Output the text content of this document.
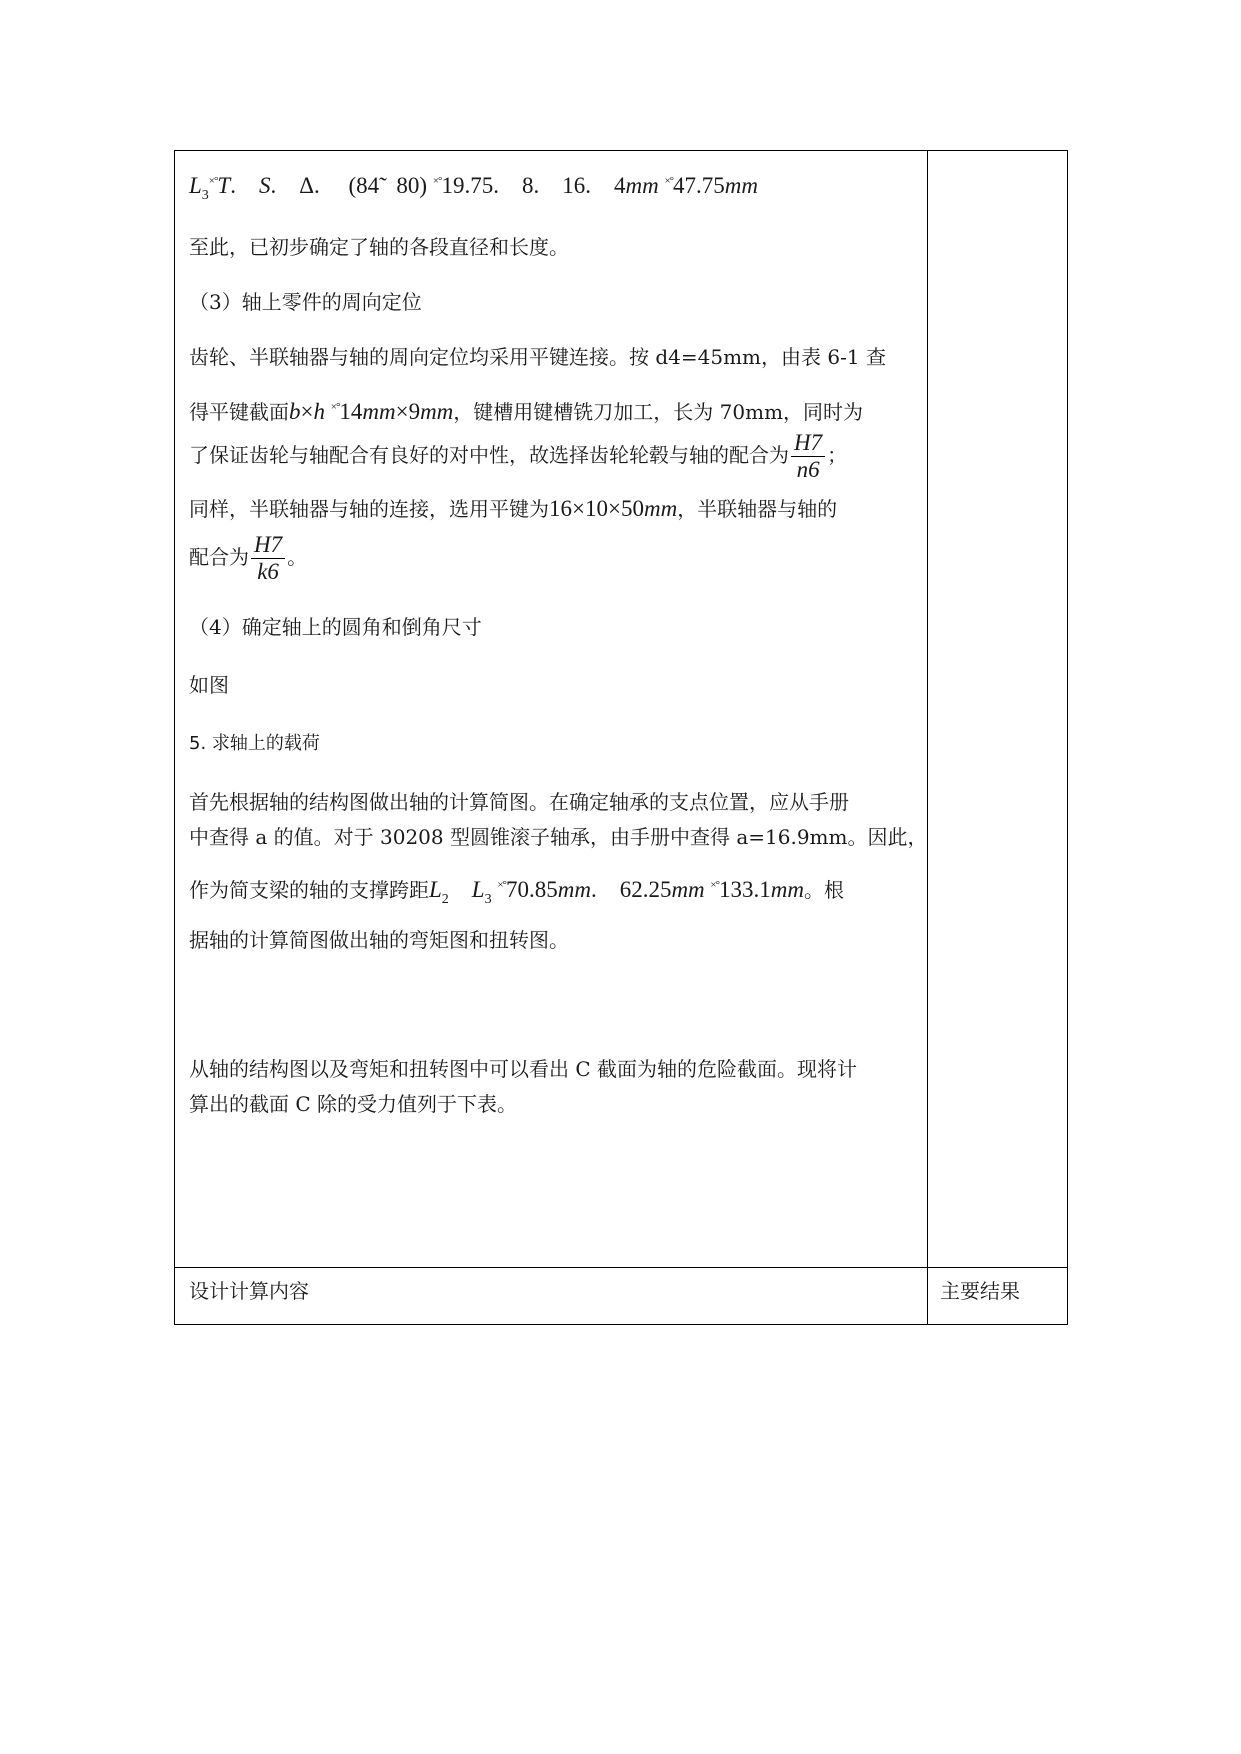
$L_3^{\times^\circ}T$. S. Δ. (84̃ 80) ×°19.75. 8. 16. 4mm ×°47.75mm
至此，已初步确定了轴的各段直径和长度。
（3）轴上零件的周向定位
齿轮、半联轴器与轴的周向定位均采用平键连接。按 d4=45mm，由表 6-1 查
得平键截面b×h ×°14mm×9mm，键槽用键槽铣刀加工，长为 70mm，同时为
了保证齿轮与轴配合有良好的对中性，故选择齿轮轮毂与轴的配合为 $\frac{H7}{n6}$ ；
同样，半联轴器与轴的连接，选用平键为16×10×50mm，半联轴器与轴的
配合为 $\frac{H7}{k6}$ 。
（4）确定轴上的圆角和倒角尺寸
如图
5. 求轴上的载荷
首先根据轴的结构图做出轴的计算简图。在确定轴承的支点位置，应从手册
中查得 a 的值。对于 30208 型圆锥滚子轴承，由手册中查得 a=16.9mm。因此，
作为简支梁的轴的支撑跨距$L_2$ $L_3$ ×°70.85mm. 62.25mm ×°133.1mm。根
据轴的计算简图做出轴的弯矩图和扭转图。
从轴的结构图以及弯矩和扭转图中可以看出 C 截面为轴的危险截面。现将计
算出的截面 C 除的受力值列于下表。
设计计算内容	主要结果
